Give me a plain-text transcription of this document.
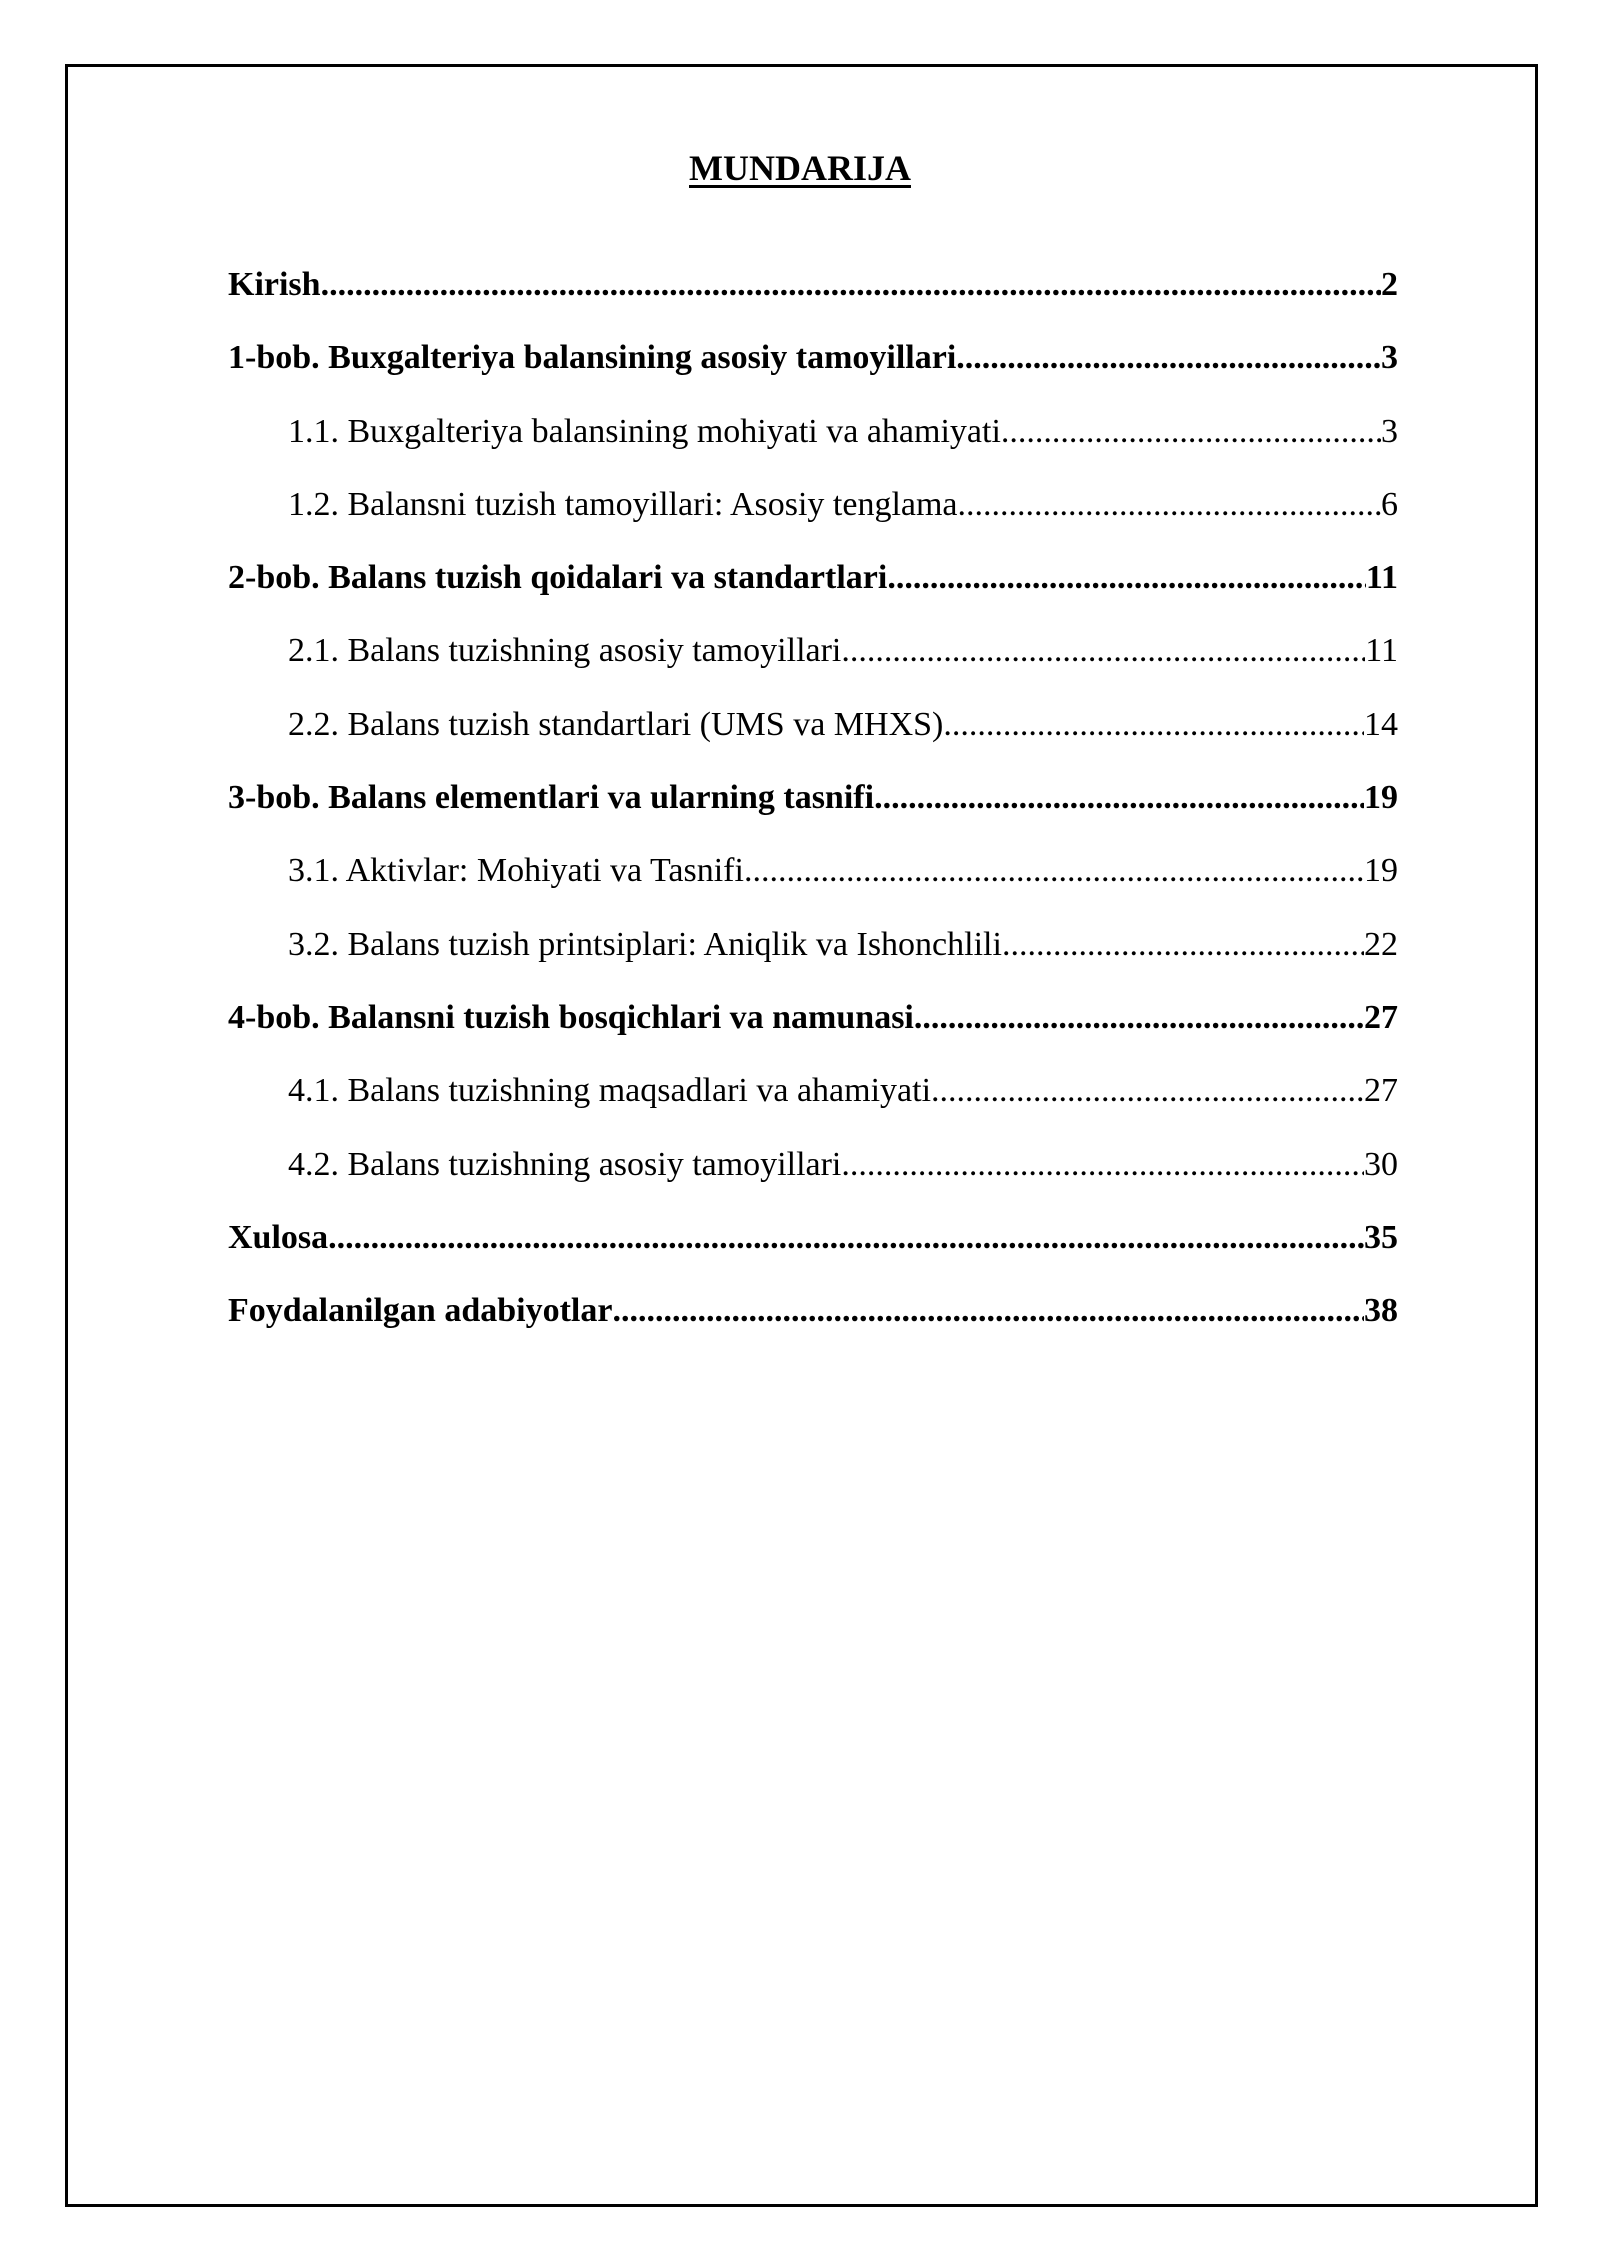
MUNDARIJA
Kirish .....	2
1-bob. Buxgalteriya balansining asosiy tamoyillari .....	3
1.1. Buxgalteriya balansining mohiyati va ahamiyati .....	3
1.2. Balansni tuzish tamoyillari: Asosiy tenglama .....	6
2-bob. Balans tuzish qoidalari va standartlari .....	11
2.1. Balans tuzishning asosiy tamoyillari .....	11
2.2. Balans tuzish standartlari (UMS va MHXS) .....	14
3-bob. Balans elementlari va ularning tasnifi .....	19
3.1. Aktivlar: Mohiyati va Tasnifi .....	19
3.2. Balans tuzish printsiplari: Aniqlik va Ishonchlili .....	22
4-bob. Balansni tuzish bosqichlari va namunasi .....	27
4.1. Balans tuzishning maqsadlari va ahamiyati .....	27
4.2. Balans tuzishning asosiy tamoyillari .....	30
Xulosa .....	35
Foydalanilgan adabiyotlar .....	38
